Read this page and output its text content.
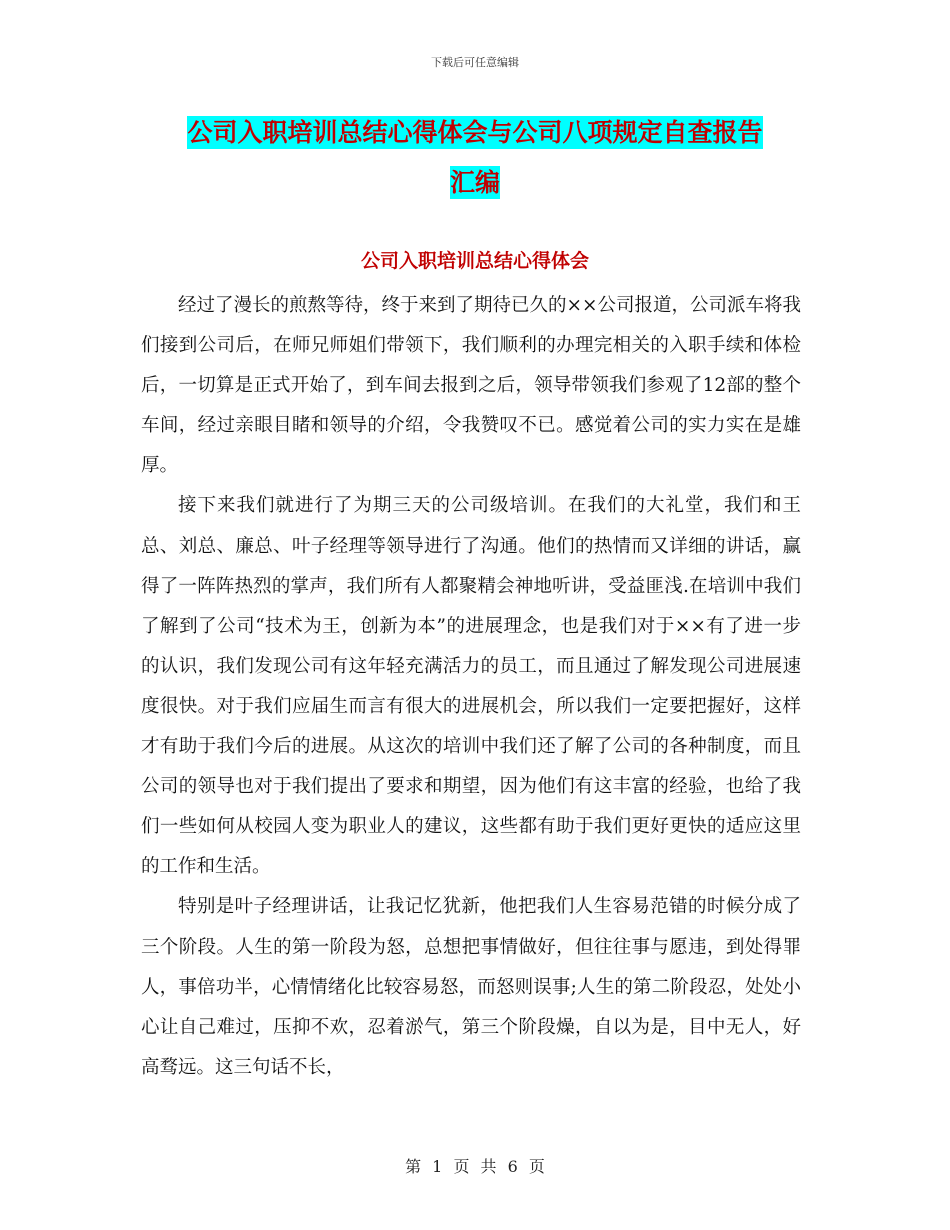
下载后可任意编辑
公司入职培训总结心得体会与公司八项规定自查报告
汇编
公司入职培训总结心得体会

经过了漫长的煎熬等待，终于来到了期待已久的××公司报道，公司派车将我们接到公司后，在师兄师姐们带领下，我们顺利的办理完相关的入职手续和体检后，一切算是正式开始了，到车间去报到之后，领导带领我们参观了12部的整个车间，经过亲眼目睹和领导的介绍，令我赞叹不已。感觉着公司的实力实在是雄厚。

接下来我们就进行了为期三天的公司级培训。在我们的大礼堂，我们和王总、刘总、廉总、叶子经理等领导进行了沟通。他们的热情而又详细的讲话，赢得了一阵阵热烈的掌声，我们所有人都聚精会神地听讲，受益匪浅.在培训中我们了解到了公司“技术为王，创新为本”的进展理念，也是我们对于××有了进一步的认识，我们发现公司有这年轻充满活力的员工，而且通过了解发现公司进展速度很快。对于我们应届生而言有很大的进展机会，所以我们一定要把握好，这样才有助于我们今后的进展。从这次的培训中我们还了解了公司的各种制度，而且公司的领导也对于我们提出了要求和期望，因为他们有这丰富的经验，也给了我们一些如何从校园人变为职业人的建议，这些都有助于我们更好更快的适应这里的工作和生活。

特别是叶子经理讲话，让我记忆犹新，他把我们人生容易范错的时候分成了三个阶段。人生的第一阶段为怒，总想把事情做好，但往往事与愿违，到处得罪人，事倍功半，心情情绪化比较容易怒，而怒则误事;人生的第二阶段忍，处处小心让自己难过，压抑不欢，忍着淤气，第三个阶段燥，自以为是，目中无人，好高骛远。这三句话不长，

第 1 页 共 6 页
